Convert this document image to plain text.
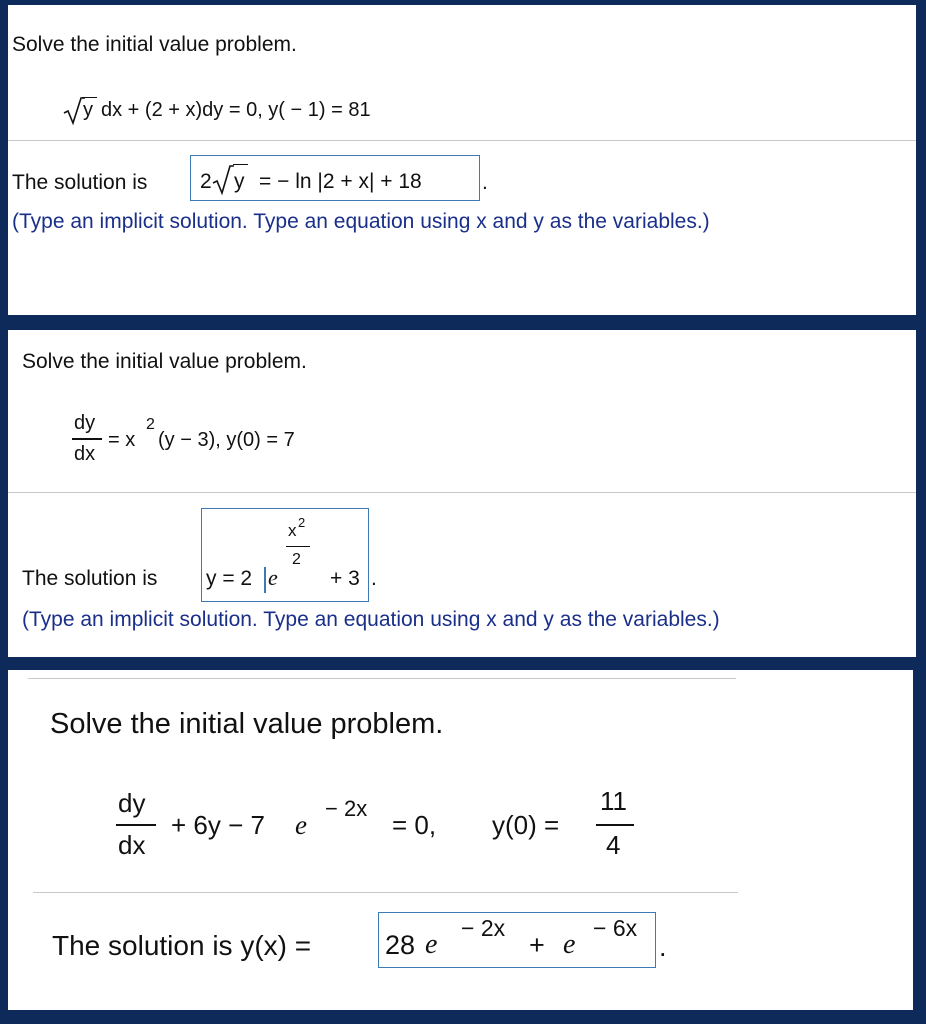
Solve the initial value problem.
y dx + (2 + x)dy = 0, y( − 1) = 81
The solution is	2 y = − ln |2 + x| + 18	.
(Type an implicit solution. Type an equation using x and y as the variables.)
Solve the initial value problem.
dy
dx
= x
2
(y − 3), y(0) = 7
The solution is y = 2 e
x 2
2
+ 3 .
(Type an implicit solution. Type an equation using x and y as the variables.)
Solve the initial value problem.
dy
dx
+ 6y − 7 e
− 2x
= 0, y(0) =
11
4
The solution is y(x) =	28 e
− 2x
+ e
− 6x
.
